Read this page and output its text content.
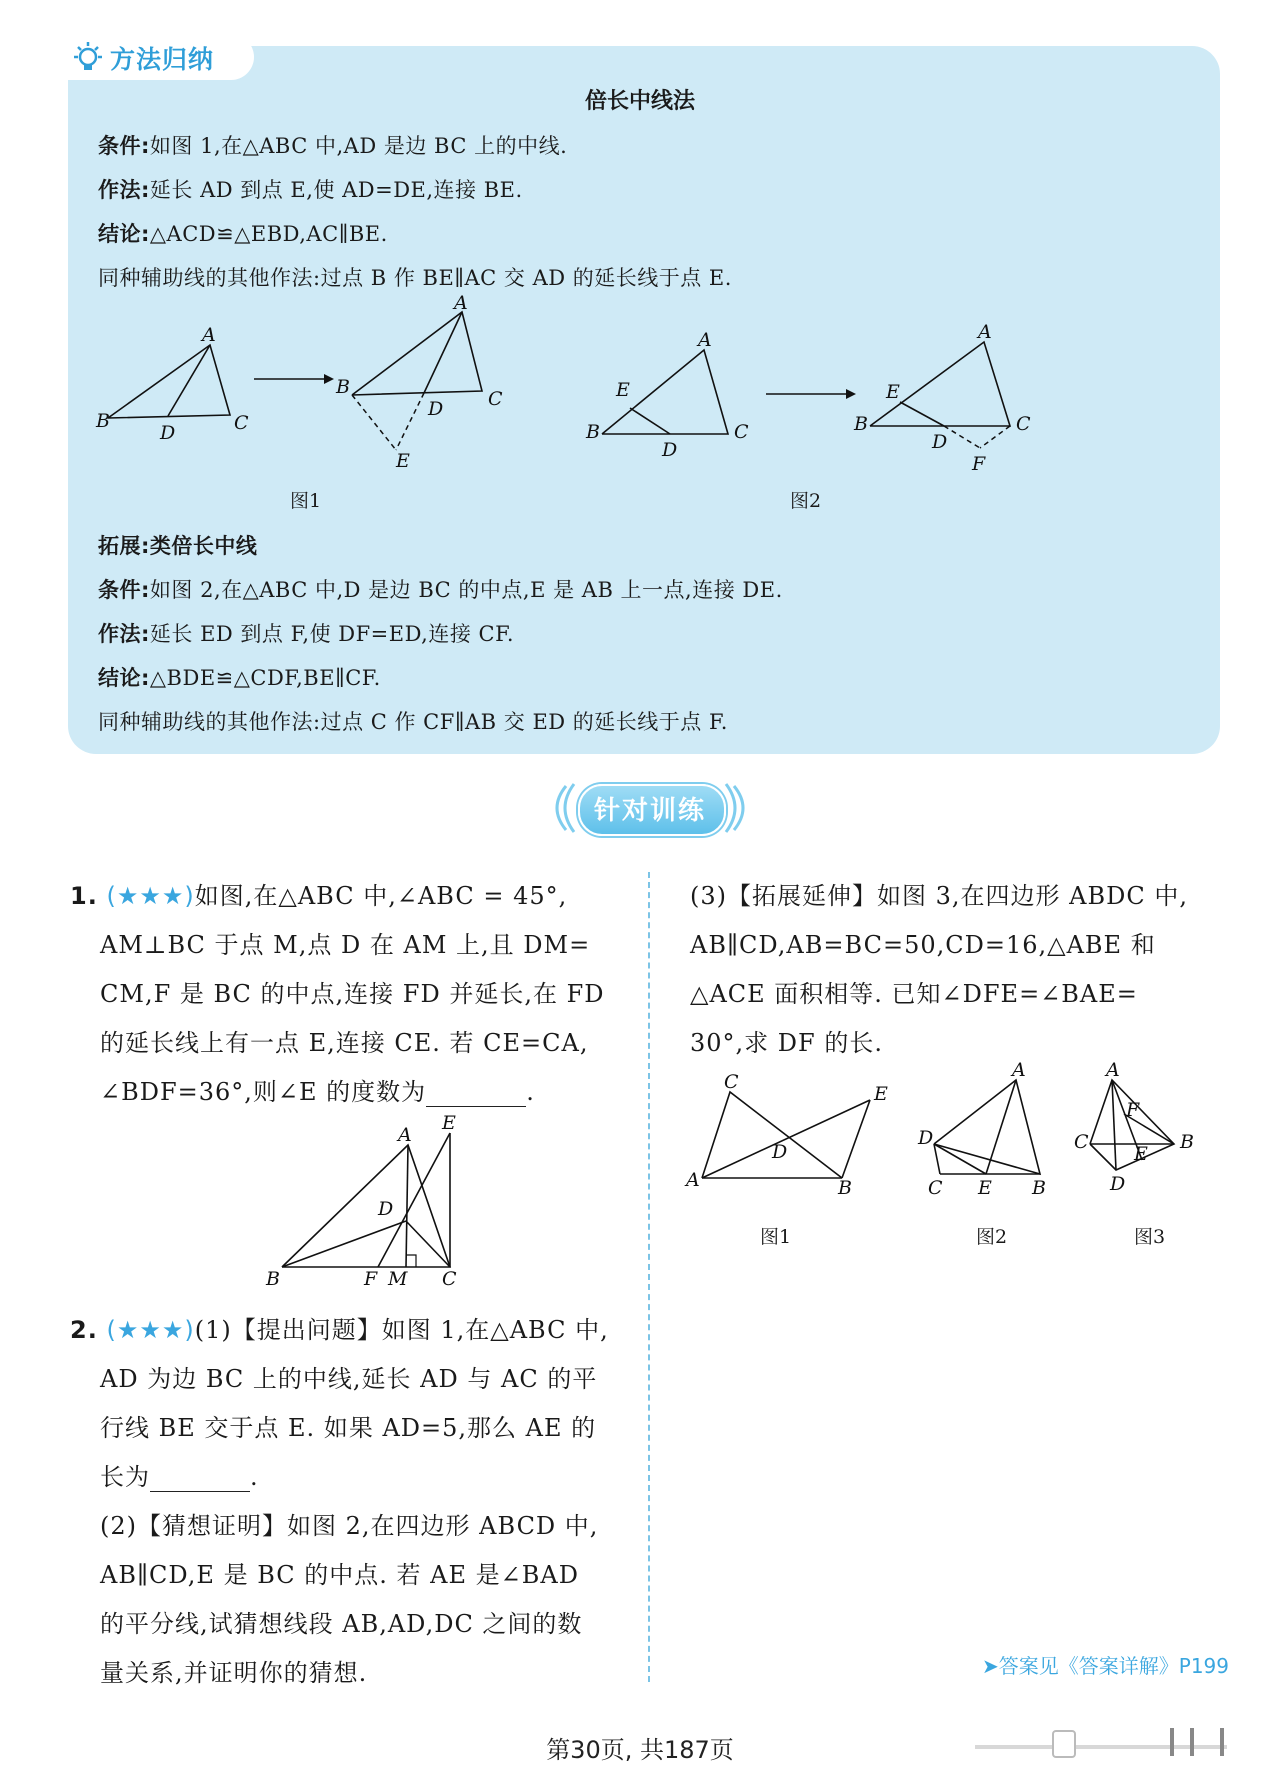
方法归纳
倍长中线法
条件:如图 1,在△ABC 中,AD 是边 BC 上的中线.
作法:延长 AD 到点 E,使 AD=DE,连接 BE.
结论:△ACD≌△EBD,AC∥BE.
同种辅助线的其他作法:过点 B 作 BE∥AC 交 AD 的延长线于点 E.
A
B
D	C
A
B
D C
E
图1
A
B
E
D
C
A
B
E
D
C
F
图2
拓展:类倍长中线
条件:如图 2,在△ABC 中,D 是边 BC 的中点,E 是 AB 上一点,连接 DE.
作法:延长 ED 到点 F,使 DF=ED,连接 CF.
结论:△BDE≌△CDF,BE∥CF.
同种辅助线的其他作法:过点 C 作 CF∥AB 交 ED 的延长线于点 F.
针对训练
1. (★★★)如图,在△ABC 中,∠ABC = 45°,
AM⊥BC 于点 M,点 D 在 AM 上,且 DM=
CM,F 是 BC 的中点,连接 FD 并延长,在 FD
的延长线上有一点 E,连接 CE. 若 CE=CA,
∠BDF=36°,则∠E 的度数为	.
A
E
D
B	F M C
2. (★★★)(1)【提出问题】如图 1,在△ABC 中,
AD 为边 BC 上的中线,延长 AD 与 AC 的平
行线 BE 交于点 E. 如果 AD=5,那么 AE 的
长为	.
(2)【猜想证明】如图 2,在四边形 ABCD 中,
AB∥CD,E 是 BC 的中点. 若 AE 是∠BAD
的平分线,试猜想线段 AB,AD,DC 之间的数
量关系,并证明你的猜想.
(3)【拓展延伸】如图 3,在四边形 ABDC 中,
AB∥CD,AB=BC=50,CD=16,△ABE 和
△ACE 面积相等. 已知∠DFE=∠BAE=
30°,求 DF 的长.
C
E
D
A	B
A
D
C E B
A
F
C
E
B
D
图1	图2	图3
➤答案见《答案详解》P199
第30页, 共187页
